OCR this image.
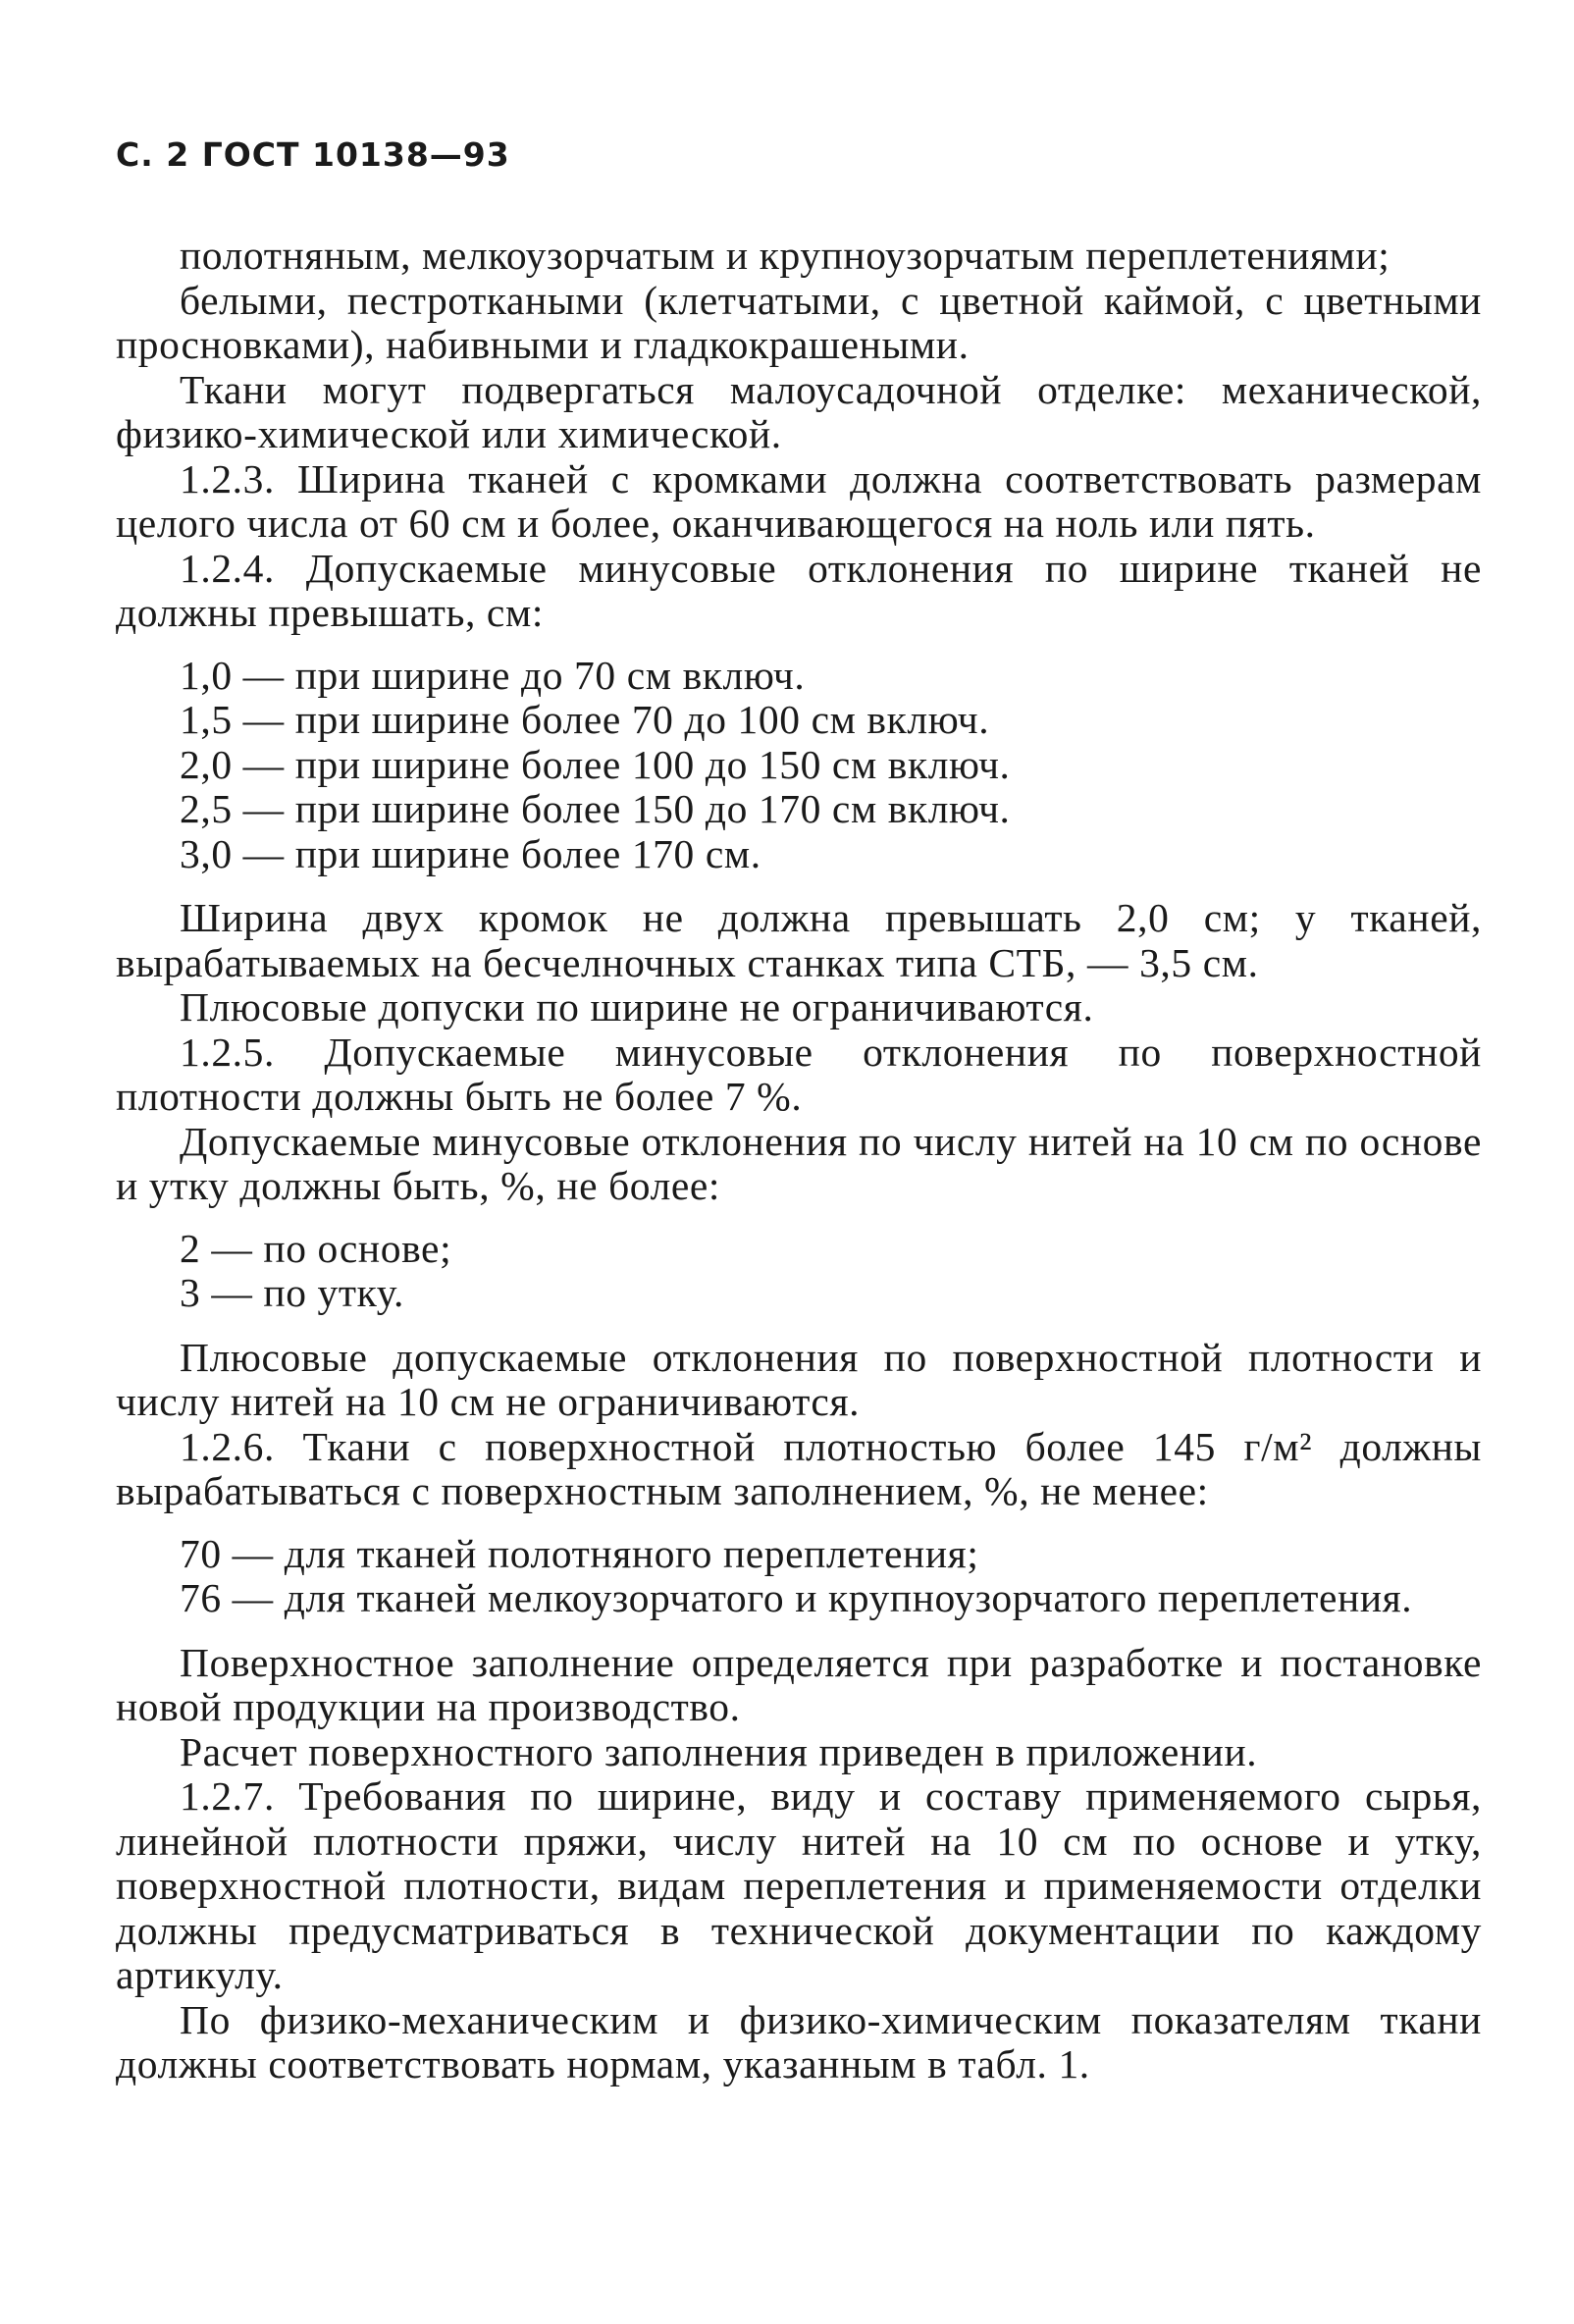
С. 2 ГОСТ 10138—93

полотняным, мелкоузорчатым и крупноузорчатым переплетениями;

белыми, пестроткаными (клетчатыми, с цветной каймой, с цветными просновками), набивными и гладкокрашеными.

Ткани могут подвергаться малоусадочной отделке: механической, физико-химической или химической.

1.2.3. Ширина тканей с кромками должна соответствовать размерам целого числа от 60 см и более, оканчивающегося на ноль или пять.

1.2.4. Допускаемые минусовые отклонения по ширине тканей не должны превышать, см:

1,0 — при ширине до 70 см включ.

1,5 — при ширине более 70 до 100 см включ.

2,0 — при ширине более 100 до 150 см включ.

2,5 — при ширине более 150 до 170 см включ.

3,0 — при ширине более 170 см.

Ширина двух кромок не должна превышать 2,0 см; у тканей, вырабатываемых на бесчелночных станках типа СТБ, — 3,5 см.

Плюсовые допуски по ширине не ограничиваются.

1.2.5. Допускаемые минусовые отклонения по поверхностной плотности должны быть не более 7 %.

Допускаемые минусовые отклонения по числу нитей на 10 см по основе и утку должны быть, %, не более:

2 — по основе;

3 — по утку.

Плюсовые допускаемые отклонения по поверхностной плотности и числу нитей на 10 см не ограничиваются.

1.2.6. Ткани с поверхностной плотностью более 145 г/м² должны вырабатываться с поверхностным заполнением, %, не менее:

70 — для тканей полотняного переплетения;

76 — для тканей мелкоузорчатого и крупноузорчатого переплетения.

Поверхностное заполнение определяется при разработке и постановке новой продукции на производство.

Расчет поверхностного заполнения приведен в приложении.

1.2.7. Требования по ширине, виду и составу применяемого сырья, линейной плотности пряжи, числу нитей на 10 см по основе и утку, поверхностной плотности, видам переплетения и применяемости отделки должны предусматриваться в технической документации по каждому артикулу.

По физико-механическим и физико-химическим показателям ткани должны соответствовать нормам, указанным в табл. 1.
